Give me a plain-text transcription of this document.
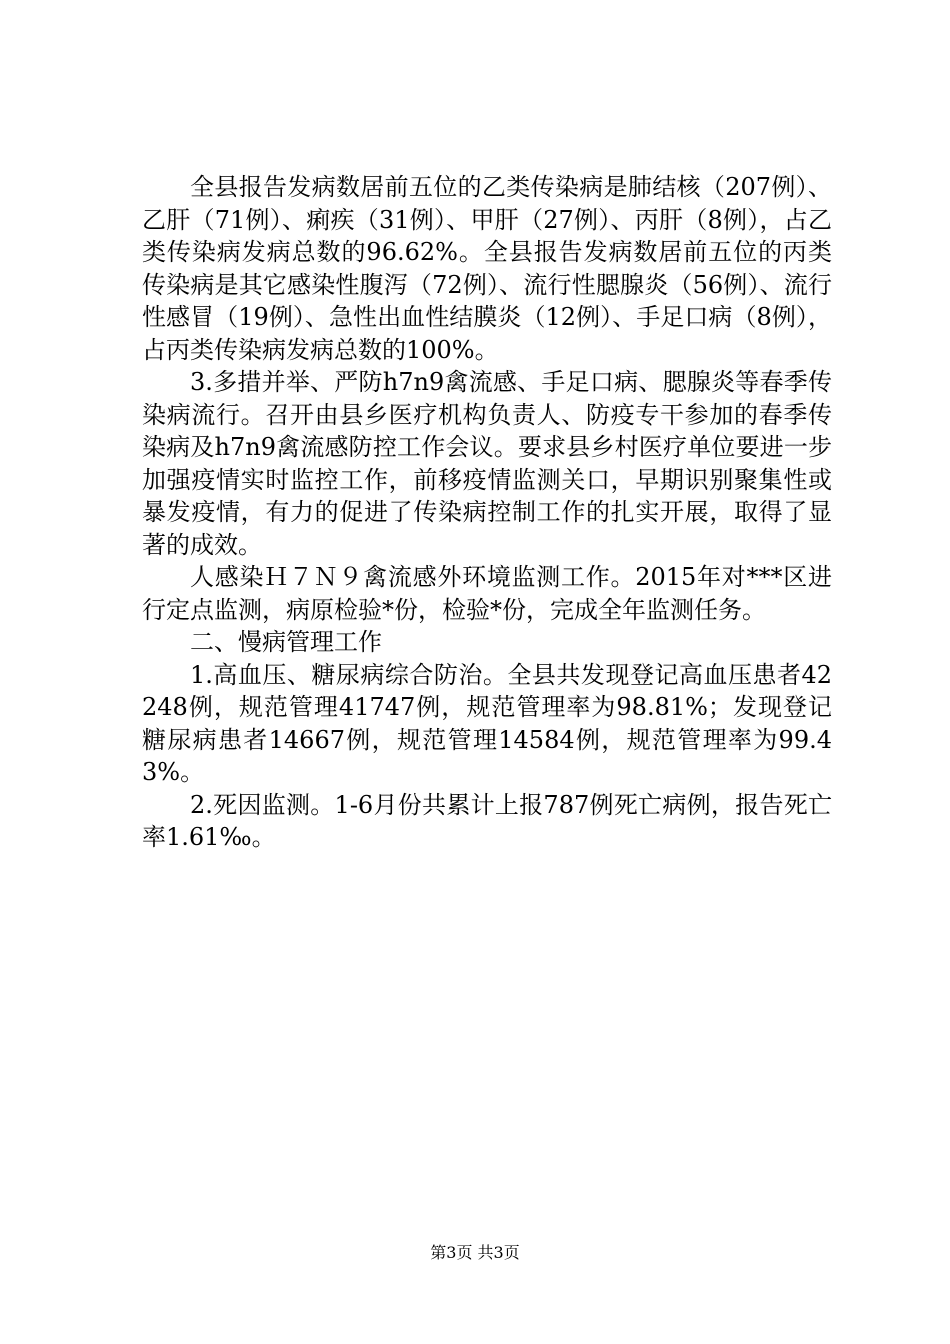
全县报告发病数居前五位的乙类传染病是肺结核（207例）、乙肝（71例）、痢疾（31例）、甲肝（27例）、丙肝（8例），占乙类传染病发病总数的96.62%。全县报告发病数居前五位的丙类传染病是其它感染性腹泻（72例）、流行性腮腺炎（56例）、流行性感冒（19例）、急性出血性结膜炎（12例）、手足口病（8例），占丙类传染病发病总数的100%。

3.多措并举、严防h7n9禽流感、手足口病、腮腺炎等春季传染病流行。召开由县乡医疗机构负责人、防疫专干参加的春季传染病及h7n9禽流感防控工作会议。要求县乡村医疗单位要进一步加强疫情实时监控工作，前移疫情监测关口，早期识别聚集性或暴发疫情，有力的促进了传染病控制工作的扎实开展，取得了显著的成效。

人感染Ｈ７Ｎ９禽流感外环境监测工作。2015年对***区进行定点监测，病原检验*份，检验*份，完成全年监测任务。

二、慢病管理工作

1.高血压、糖尿病综合防治。全县共发现登记高血压患者42248例，规范管理41747例，规范管理率为98.81%；发现登记糖尿病患者14667例，规范管理14584例，规范管理率为99.43%。

2.死因监测。1-6月份共累计上报787例死亡病例，报告死亡率1.61‰。

第3页 共3页
